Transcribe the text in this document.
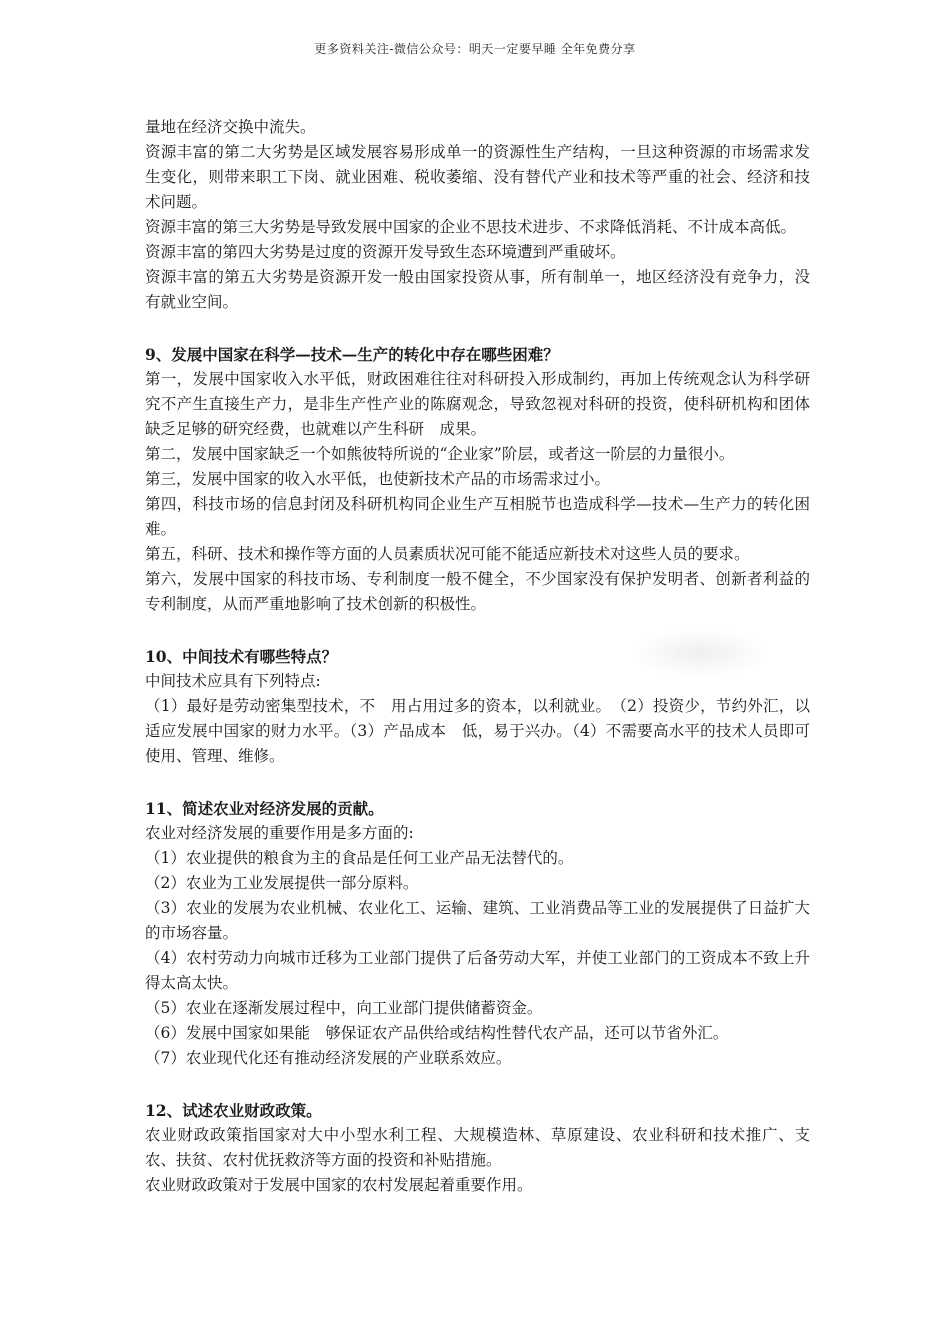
更多资料关注-微信公众号：明天一定要早睡 全年免费分享

量地在经济交换中流失。

资源丰富的第二大劣势是区域发展容易形成单一的资源性生产结构，一旦这种资源的市场需求发生变化，则带来职工下岗、就业困难、税收萎缩、没有替代产业和技术等严重的社会、经济和技术问题。

资源丰富的第三大劣势是导致发展中国家的企业不思技术进步、不求降低消耗、不计成本高低。

资源丰富的第四大劣势是过度的资源开发导致生态环境遭到严重破坏。

资源丰富的第五大劣势是资源开发一般由国家投资从事，所有制单一，地区经济没有竞争力，没有就业空间。

9、发展中国家在科学—技术—生产的转化中存在哪些困难？

第一，发展中国家收入水平低，财政困难往往对科研投入形成制约，再加上传统观念认为科学研究不产生直接生产力，是非生产性产业的陈腐观念，导致忽视对科研的投资，使科研机构和团体缺乏足够的研究经费，也就难以产生科研　成果。

第二，发展中国家缺乏一个如熊彼特所说的“企业家”阶层，或者这一阶层的力量很小。

第三，发展中国家的收入水平低，也使新技术产品的市场需求过小。

第四，科技市场的信息封闭及科研机构同企业生产互相脱节也造成科学—技术—生产力的转化困难。

第五，科研、技术和操作等方面的人员素质状况可能不能适应新技术对这些人员的要求。

第六，发展中国家的科技市场、专利制度一般不健全，不少国家没有保护发明者、创新者利益的专利制度，从而严重地影响了技术创新的积极性。

10、中间技术有哪些特点？

中间技术应具有下列特点:

（1）最好是劳动密集型技术，不　用占用过多的资本，以利就业。　（2）投资少，节约外汇，以适应发展中国家的财力水平。（3）产品成本　低，易于兴办。（4）不需要高水平的技术人员即可使用、管理、维修。

11、简述农业对经济发展的贡献。

农业对经济发展的重要作用是多方面的:

（1）农业提供的粮食为主的食品是任何工业产品无法替代的。

（2）农业为工业发展提供一部分原料。

（3）农业的发展为农业机械、农业化工、运输、建筑、工业消费品等工业的发展提供了日益扩大的市场容量。

（4）农村劳动力向城市迁移为工业部门提供了后备劳动大军，并使工业部门的工资成本不致上升得太高太快。

（5）农业在逐渐发展过程中，向工业部门提供储蓄资金。

（6）发展中国家如果能　够保证农产品供给或结构性替代农产品，还可以节省外汇。

（7）农业现代化还有推动经济发展的产业联系效应。

12、试述农业财政政策。

农业财政政策指国家对大中小型水利工程、大规模造林、草原建设、农业科研和技术推广、支农、扶贫、农村优抚救济等方面的投资和补贴措施。

农业财政政策对于发展中国家的农村发展起着重要作用。
